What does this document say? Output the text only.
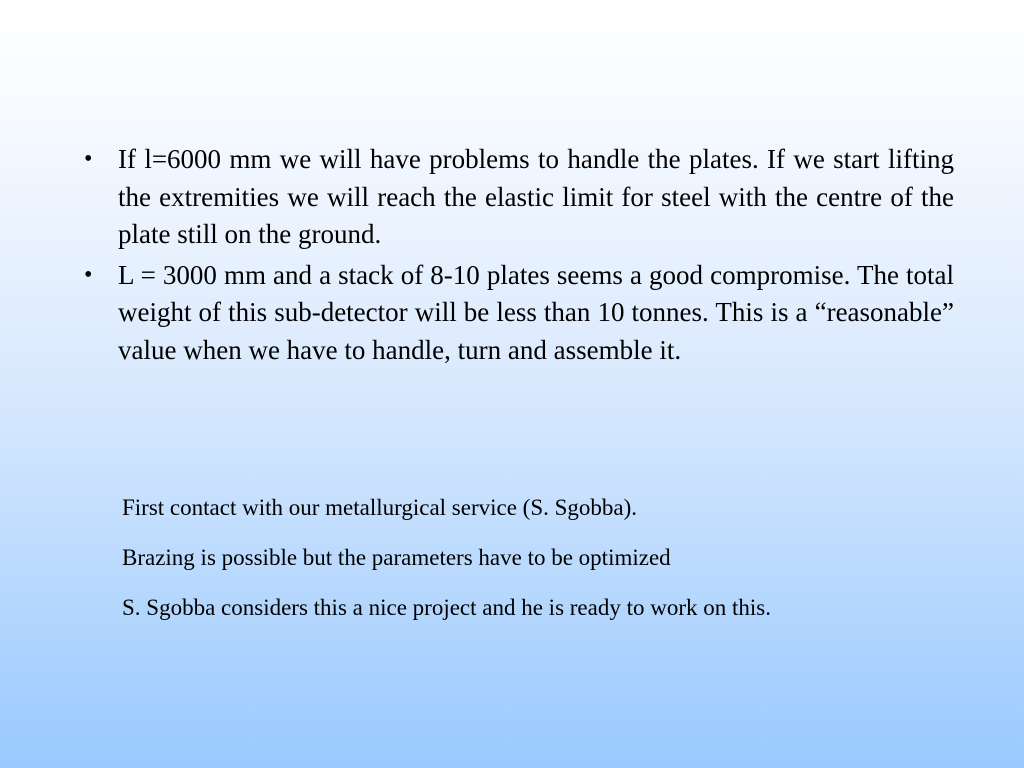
• If l=6000 mm we will have problems to handle the plates. If we start lifting the extremities we will reach the elastic limit for steel with the centre of the plate still on the ground.
• L = 3000 mm and a stack of 8-10 plates seems a good compromise. The total weight of this sub-detector will be less than 10 tonnes. This is a “reasonable” value when we have to handle, turn and assemble it.

First contact with our metallurgical service (S. Sgobba).

Brazing is possible but the parameters have to be optimized

S. Sgobba considers this a nice project and he is ready to work on this.
